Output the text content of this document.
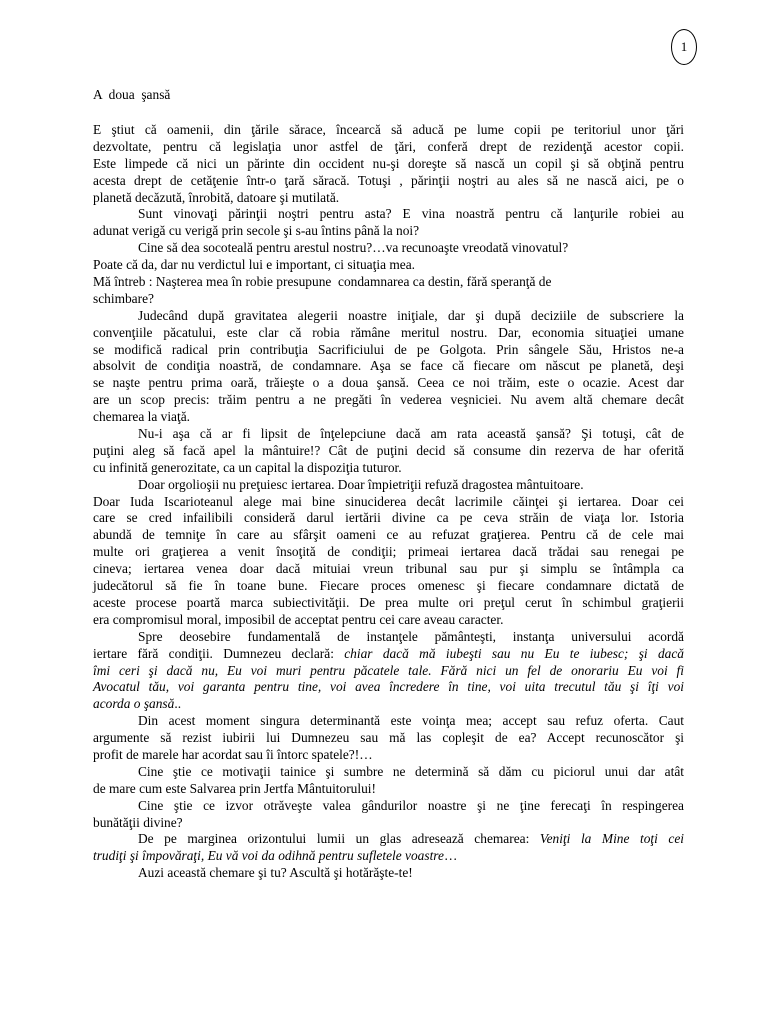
1
A  doua  şansă
E ştiut că oamenii, din ţările sărace, încearcă să aducă pe lume copii pe teritoriul unor ţări
dezvoltate, pentru că legislaţia unor astfel de ţări, conferă drept de rezidenţă acestor copii.
Este limpede că nici un părinte din occident nu-şi doreşte să nască un copil şi să obţină pentru
acesta drept de cetăţenie într-o ţară săracă. Totuşi , părinţii noştri au ales să ne nască aici, pe o
planetă decăzută, înrobită, datoare şi mutilată.
Sunt vinovaţi părinţii noştri pentru asta? E vina noastră pentru că lanţurile robiei au
adunat verigă cu verigă prin secole şi s-au întins până la noi?
Cine să dea socoteală pentru arestul nostru?…va recunoaşte vreodată vinovatul?
Poate că da, dar nu verdictul lui e important, ci situaţia mea.
Mă întreb : Naşterea mea în robie presupune  condamnarea ca destin, fără speranţă de
schimbare?
Judecând după gravitatea alegerii noastre iniţiale, dar şi după deciziile de subscriere la
convenţiile păcatului, este clar că robia rămâne meritul nostru. Dar, economia situaţiei umane
se modifică radical prin contribuţia Sacrificiului de pe Golgota. Prin sângele Său, Hristos ne-a
absolvit de condiţia noastră, de condamnare. Aşa se face că fiecare om născut pe planetă, deşi
se naşte pentru prima oară, trăieşte o a doua şansă. Ceea ce noi trăim, este o ocazie. Acest dar
are un scop precis: trăim pentru a ne pregăti în vederea veşniciei. Nu avem altă chemare decât
chemarea la viaţă.
Nu-i aşa că ar fi lipsit de înţelepciune dacă am rata această şansă? Şi totuşi, cât de
puţini aleg să facă apel la mântuire!? Cât de puţini decid să consume din rezerva de har oferită
cu infinită generozitate, ca un capital la dispoziţia tuturor.
Doar orgolioşii nu preţuiesc iertarea. Doar împietriţii refuză dragostea mântuitoare.
Doar Iuda Iscarioteanul alege mai bine sinuciderea decât lacrimile căinţei şi iertarea. Doar cei
care se cred infailibili consideră darul iertării divine ca pe ceva străin de viaţa lor. Istoria
abundă de temniţe în care au sfârşit oameni ce au refuzat graţierea. Pentru că de cele mai
multe ori graţierea a venit însoţită de condiţii; primeai iertarea dacă trădai sau renegai pe
cineva; iertarea venea doar dacă mituiai vreun tribunal sau pur şi simplu se întâmpla ca
judecătorul să fie în toane bune. Fiecare proces omenesc şi fiecare condamnare dictată de
aceste procese poartă marca subiectivităţii. De prea multe ori preţul cerut în schimbul graţierii
era compromisul moral, imposibil de acceptat pentru cei care aveau caracter.
Spre deosebire fundamentală de instanţele pământeşti, instanţa universului acordă
iertare fără condiţii. Dumnezeu declară: chiar dacă mă iubeşti sau nu Eu te iubesc; şi dacă
îmi ceri şi dacă nu, Eu voi muri pentru păcatele tale. Fără nici un fel de onorariu Eu voi fi
Avocatul tău, voi garanta pentru tine, voi avea încredere în tine, voi uita trecutul tău şi îţi voi
acorda o şansă..
Din acest moment singura determinantă este voinţa mea; accept sau refuz oferta. Caut
argumente să rezist iubirii lui Dumnezeu sau mă las copleşit de ea? Accept recunoscător şi
profit de marele har acordat sau îi întorc spatele?!…
Cine ştie ce motivaţii tainice şi sumbre ne determină să dăm cu piciorul unui dar atât
de mare cum este Salvarea prin Jertfa Mântuitorului!
Cine ştie ce izvor otrăveşte valea gândurilor noastre şi ne ţine ferecaţi în respingerea
bunătăţii divine?
De pe marginea orizontului lumii un glas adresează chemarea: Veniţi la Mine toţi cei
trudiţi şi împovăraţi, Eu vă voi da odihnă pentru sufletele voastre…
Auzi această chemare şi tu? Ascultă şi hotărăşte-te!
